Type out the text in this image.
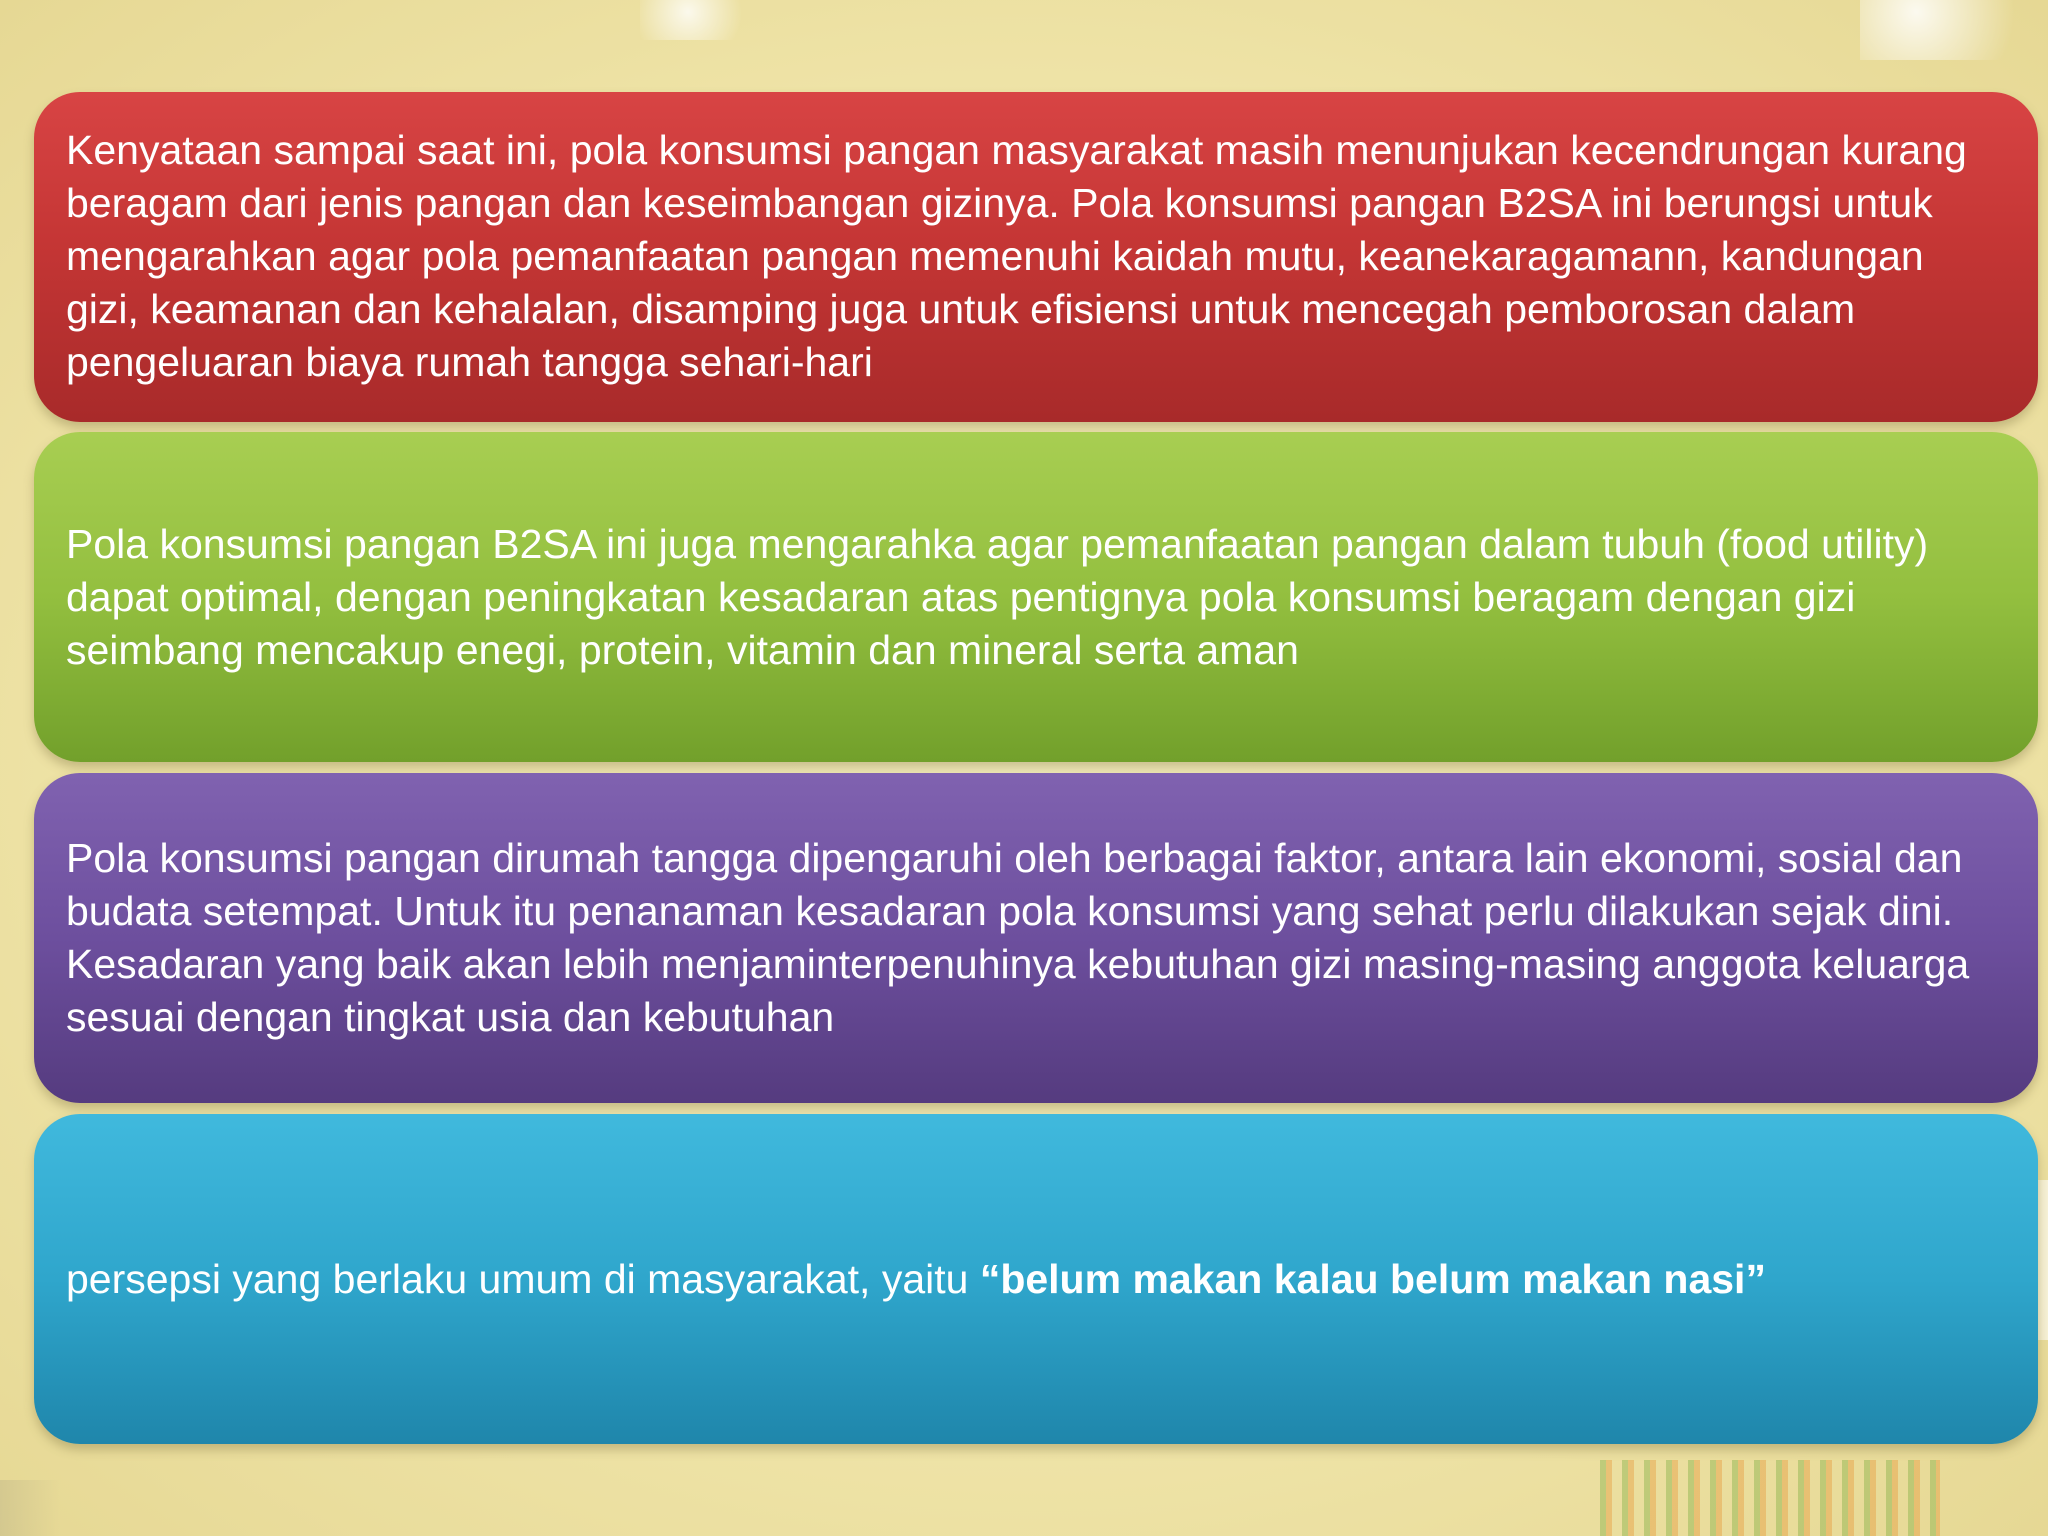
Kenyataan sampai saat ini, pola konsumsi pangan masyarakat masih menunjukan kecendrungan kurang beragam dari jenis pangan dan keseimbangan gizinya. Pola konsumsi pangan B2SA ini berungsi untuk mengarahkan agar pola pemanfaatan pangan memenuhi kaidah mutu, keanekaragamann, kandungan gizi, keamanan dan kehalalan, disamping juga untuk efisiensi untuk mencegah pemborosan dalam pengeluaran biaya rumah tangga sehari-hari

Pola konsumsi pangan B2SA ini juga mengarahka agar pemanfaatan pangan dalam tubuh (food utility) dapat optimal, dengan peningkatan kesadaran atas pentignya pola konsumsi beragam dengan gizi seimbang mencakup enegi, protein, vitamin dan mineral serta aman

Pola konsumsi pangan dirumah tangga dipengaruhi oleh berbagai faktor, antara lain ekonomi, sosial dan budata setempat. Untuk itu penanaman kesadaran pola konsumsi yang sehat perlu dilakukan sejak dini. Kesadaran yang baik akan lebih menjaminterpenuhinya kebutuhan gizi masing-masing anggota keluarga sesuai dengan tingkat usia dan kebutuhan

persepsi yang berlaku umum di masyarakat, yaitu “belum makan kalau belum makan nasi”
